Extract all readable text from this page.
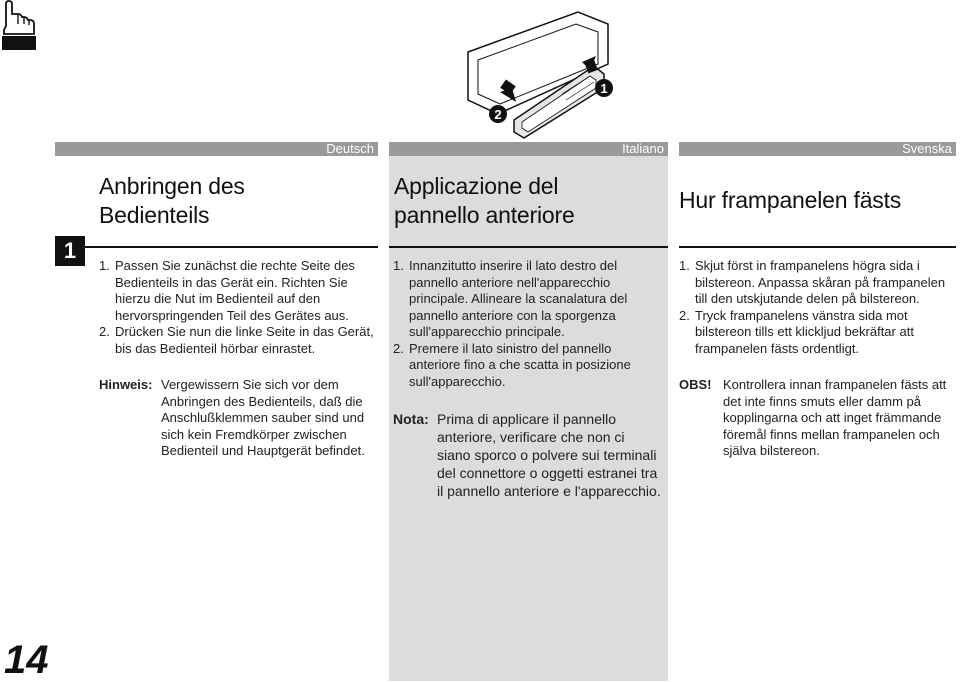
1
2
Deutsch	Italiano	Svenska
Anbringen des
Bedienteils
Applicazione del
pannello anteriore
Hur frampanelen fästs
1
1. Passen Sie zunächst die rechte Seite des Bedienteils in das Gerät ein. Richten Sie hierzu die Nut im Bedienteil auf den hervorspringenden Teil des Gerätes aus.
2. Drücken Sie nun die linke Seite in das Gerät, bis das Bedienteil hörbar einrastet.
Hinweis: Vergewissern Sie sich vor dem Anbringen des Bedienteils, daß die Anschlußklemmen sauber sind und sich kein Fremdkörper zwischen Bedienteil und Hauptgerät befindet.
1. Innanzitutto inserire il lato destro del pannello anteriore nell'apparecchio principale. Allineare la scanalatura del pannello anteriore con la sporgenza sull'apparecchio principale.
2. Premere il lato sinistro del pannello anteriore fino a che scatta in posizione sull'apparecchio.
Nota: Prima di applicare il pannello anteriore, verificare che non ci siano sporco o polvere sui terminali del connettore o oggetti estranei tra il pannello anteriore e l'apparecchio.
1. Skjut först in frampanelens högra sida i bilstereon. Anpassa skåran på frampanelen till den utskjutande delen på bilstereon.
2. Tryck frampanelens vänstra sida mot bilstereon tills ett klickljud bekräftar att frampanelen fästs ordentligt.
OBS! Kontrollera innan frampanelen fästs att det inte finns smuts eller damm på kopplingarna och att inget främmande föremål finns mellan frampanelen och själva bilstereon.
14
